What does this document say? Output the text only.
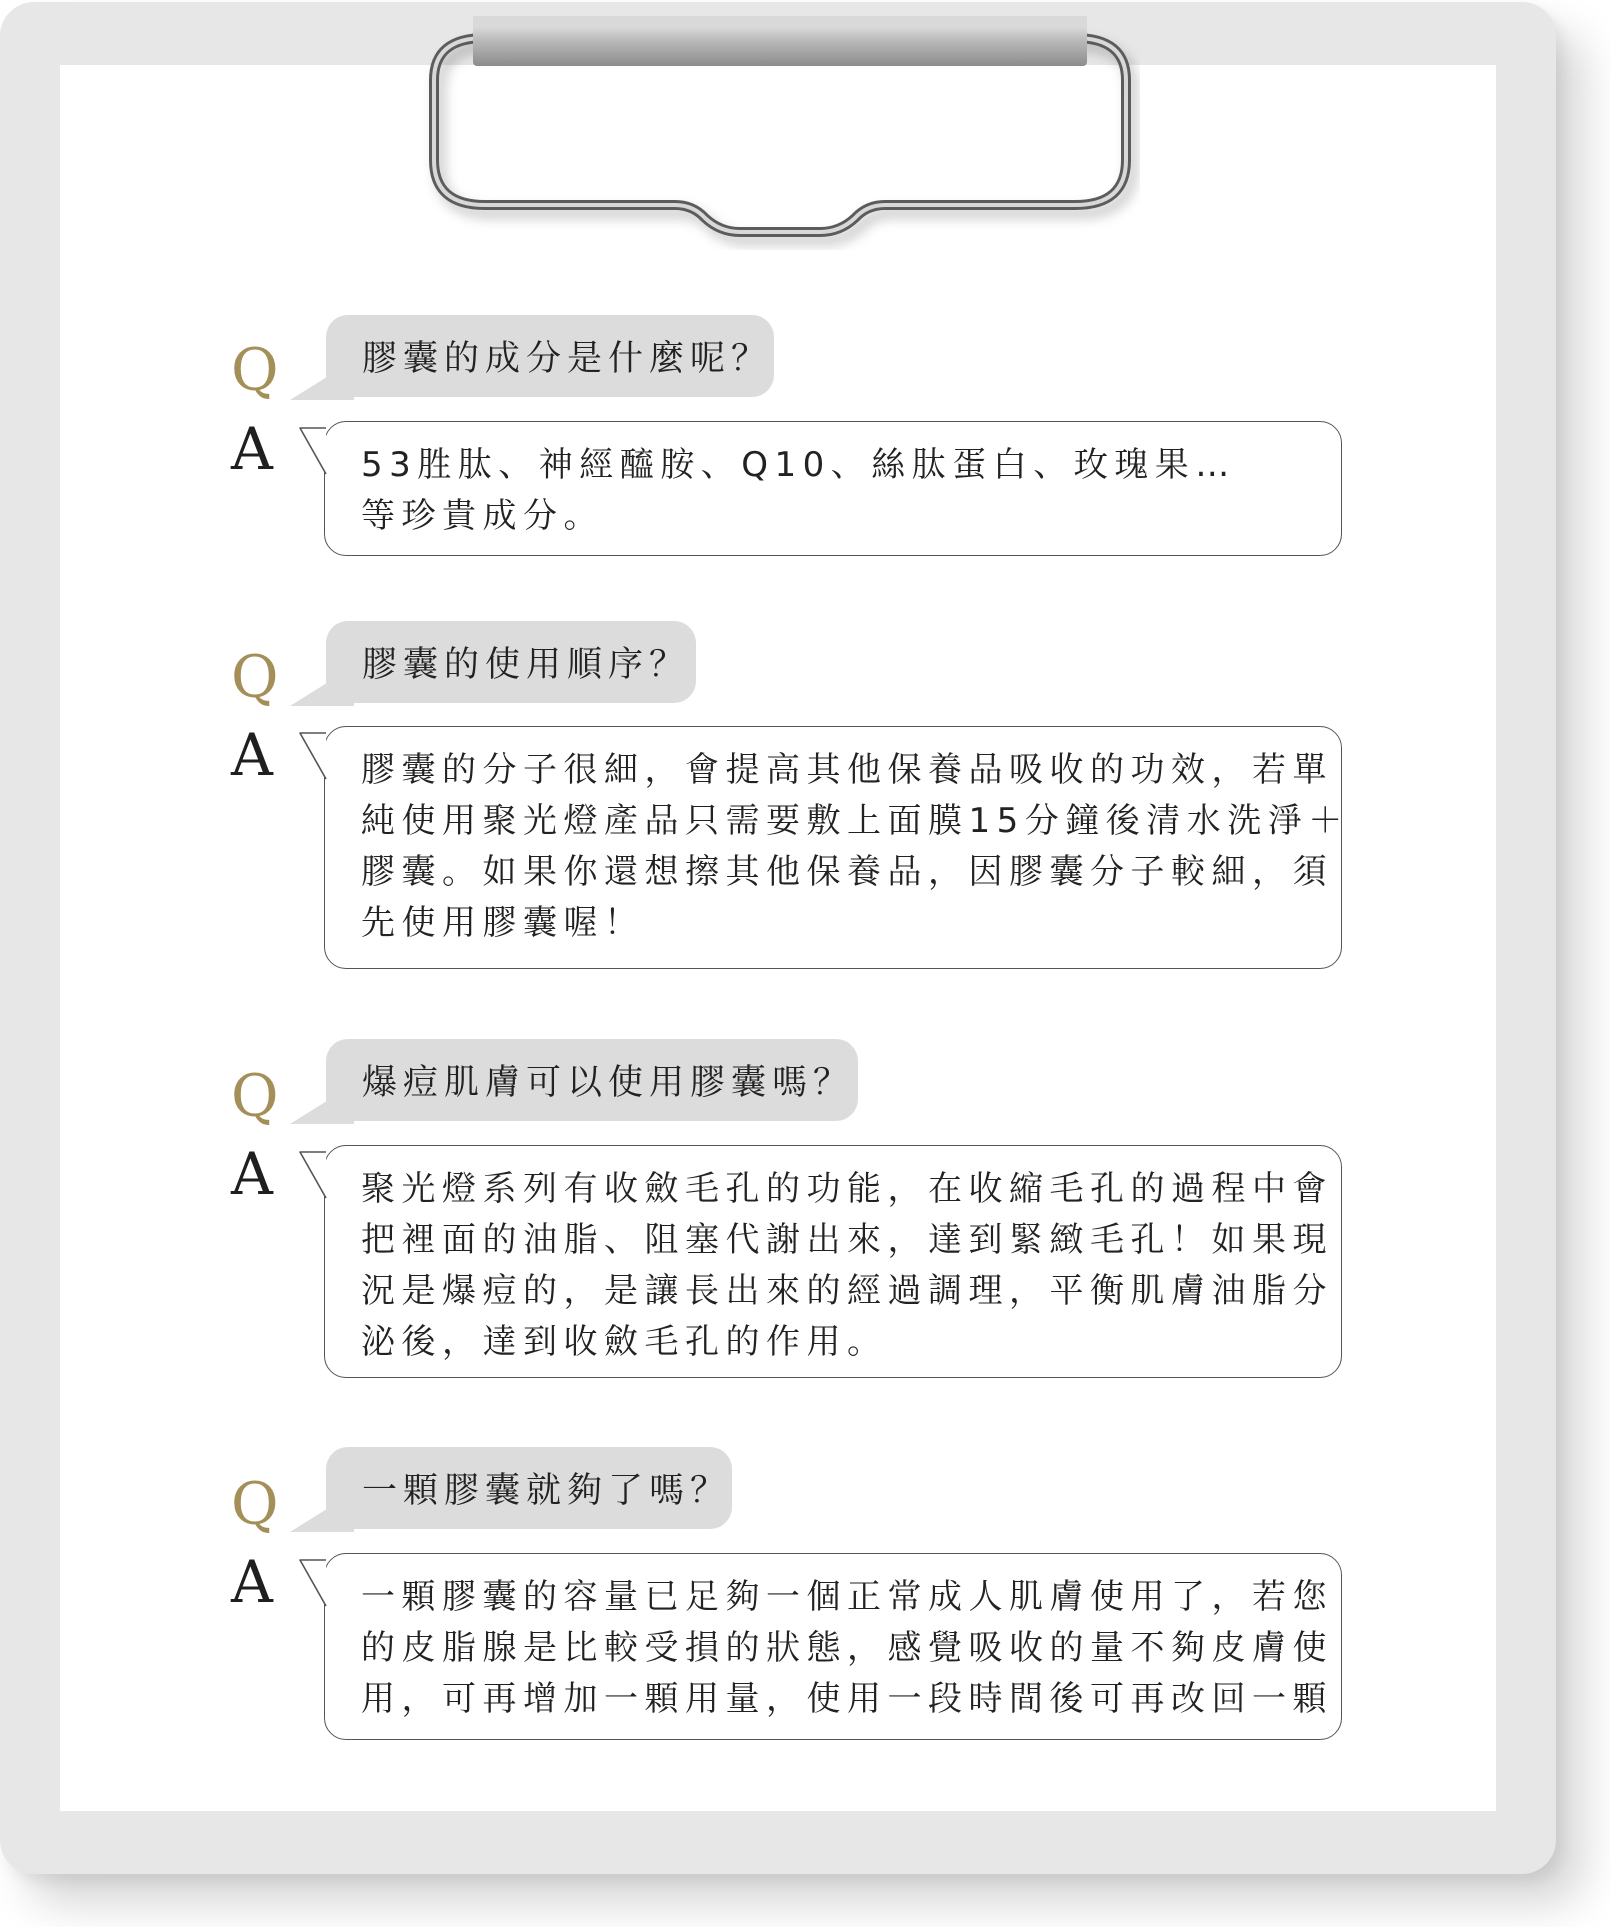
Q 膠囊的成分是什麼呢？
A	53胜肽、神經醯胺、Q10、絲肽蛋白、玫瑰果…
等珍貴成分。
Q 膠囊的使用順序？
A	膠囊的分子很細，會提高其他保養品吸收的功效，若單
純使用聚光燈產品只需要敷上面膜15分鐘後清水洗淨＋
膠囊。如果你還想擦其他保養品，因膠囊分子較細，須
先使用膠囊喔！
Q 爆痘肌膚可以使用膠囊嗎？
A	聚光燈系列有收斂毛孔的功能，在收縮毛孔的過程中會
把裡面的油脂、阻塞代謝出來，達到緊緻毛孔！如果現
況是爆痘的，是讓長出來的經過調理，平衡肌膚油脂分
泌後，達到收斂毛孔的作用。
Q 一顆膠囊就夠了嗎？
A	一顆膠囊的容量已足夠一個正常成人肌膚使用了，若您
的皮脂腺是比較受損的狀態，感覺吸收的量不夠皮膚使
用，可再增加一顆用量，使用一段時間後可再改回一顆
